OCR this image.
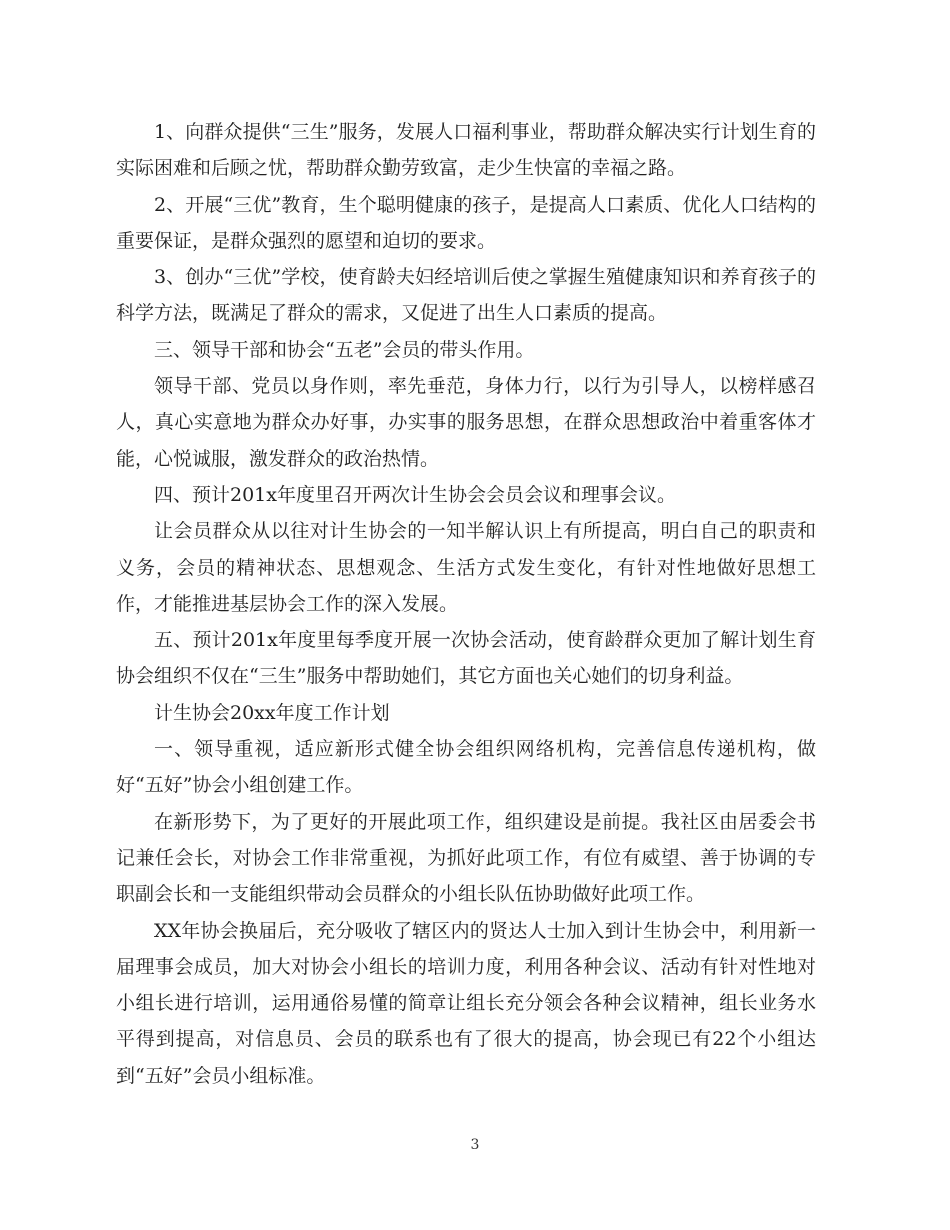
1、向群众提供“三生”服务，发展人口福利事业，帮助群众解决实行计划生育的实际困难和后顾之忧，帮助群众勤劳致富，走少生快富的幸福之路。

2、开展“三优”教育，生个聪明健康的孩子，是提高人口素质、优化人口结构的重要保证，是群众强烈的愿望和迫切的要求。

3、创办“三优”学校，使育龄夫妇经培训后使之掌握生殖健康知识和养育孩子的科学方法，既满足了群众的需求，又促进了出生人口素质的提高。

三、领导干部和协会“五老”会员的带头作用。

领导干部、党员以身作则，率先垂范，身体力行，以行为引导人，以榜样感召人，真心实意地为群众办好事，办实事的服务思想，在群众思想政治中着重客体才能，心悦诚服，激发群众的政治热情。

四、预计201x年度里召开两次计生协会会员会议和理事会议。

让会员群众从以往对计生协会的一知半解认识上有所提高，明白自己的职责和义务，会员的精神状态、思想观念、生活方式发生变化，有针对性地做好思想工作，才能推进基层协会工作的深入发展。

五、预计201x年度里每季度开展一次协会活动，使育龄群众更加了解计划生育协会组织不仅在“三生”服务中帮助她们，其它方面也关心她们的切身利益。

计生协会20xx年度工作计划

一、领导重视，适应新形式健全协会组织网络机构，完善信息传递机构，做好“五好”协会小组创建工作。

在新形势下，为了更好的开展此项工作，组织建设是前提。我社区由居委会书记兼任会长，对协会工作非常重视，为抓好此项工作，有位有威望、善于协调的专职副会长和一支能组织带动会员群众的小组长队伍协助做好此项工作。

XX年协会换届后，充分吸收了辖区内的贤达人士加入到计生协会中，利用新一届理事会成员，加大对协会小组长的培训力度，利用各种会议、活动有针对性地对小组长进行培训，运用通俗易懂的简章让组长充分领会各种会议精神，组长业务水平得到提高，对信息员、会员的联系也有了很大的提高，协会现已有22个小组达到“五好”会员小组标准。

3
